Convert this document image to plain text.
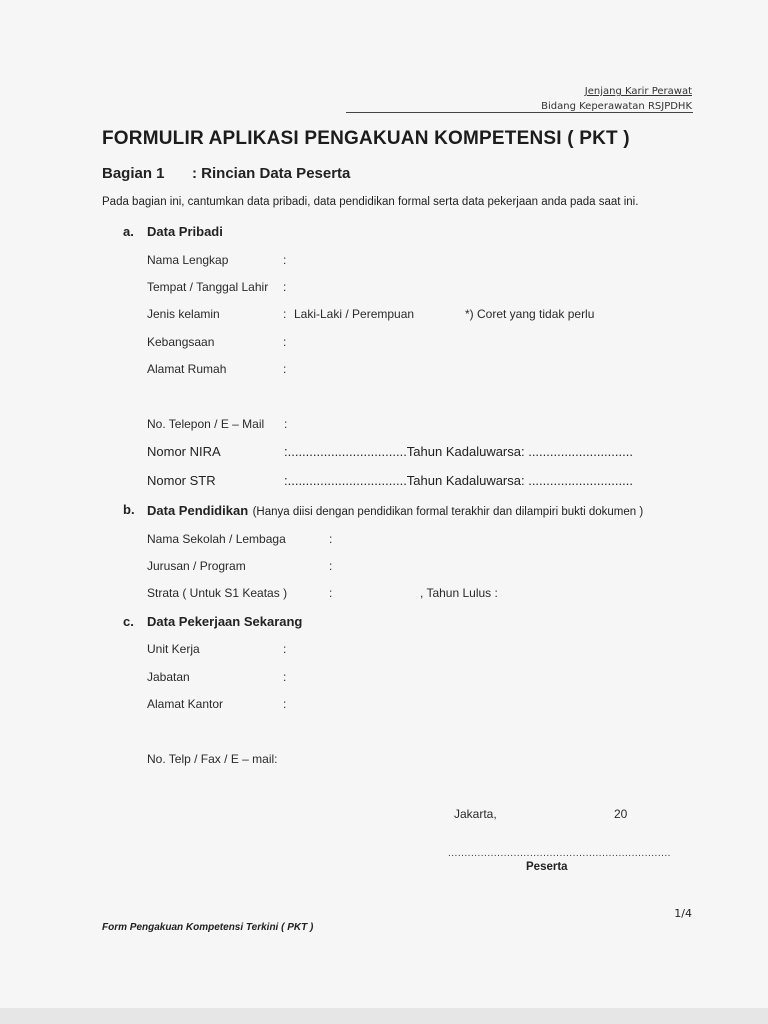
Jenjang Karir Perawat
Bidang Keperawatan RSJPDHK
FORMULIR APLIKASI PENGAKUAN KOMPETENSI ( PKT )
Bagian 1 : Rincian Data Peserta
Pada bagian ini, cantumkan data pribadi, data pendidikan formal serta data pekerjaan anda pada saat ini.
a. Data Pribadi
Nama Lengkap	:
Tempat / Tanggal Lahir :
Jenis kelamin	: Laki-Laki / Perempuan	*) Coret yang tidak perlu
Kebangsaan	:
Alamat Rumah	:
No. Telepon / E – Mail :
Nomor NIRA	:.................................Tahun Kadaluwarsa: .............................
Nomor STR	:.................................Tahun Kadaluwarsa: .............................
b. Data Pendidikan (Hanya diisi dengan pendidikan formal terakhir dan dilampiri bukti dokumen )
Nama Sekolah / Lembaga	:
Jurusan / Program	:
Strata ( Untuk S1 Keatas )	:	, Tahun Lulus :
c. Data Pekerjaan Sekarang
Unit Kerja	:
Jabatan	:
Alamat Kantor	:
No. Telp / Fax / E – mail:
Jakarta,	20
....................................................................
Peserta
1/4
Form Pengakuan Kompetensi Terkini ( PKT )
